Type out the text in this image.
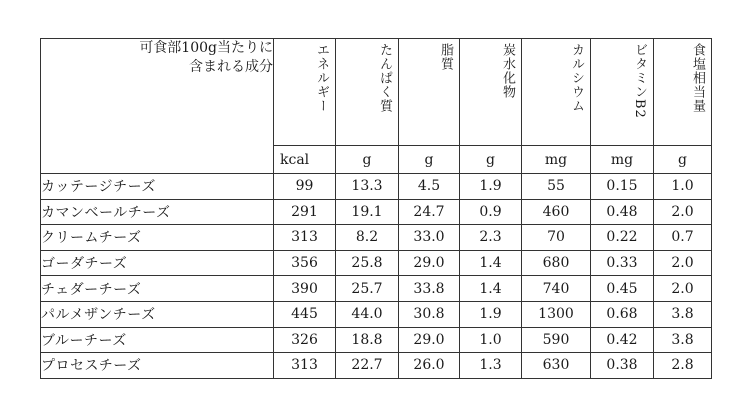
可食部100g当たりに
含まれる成分	エネルギー	たんぱく質	脂質	炭水化物	カルシウム	ビタミンB2	食塩相当量

	kcal	g	g	g	mg	mg	g
カッテージチーズ	99	13.3	4.5	1.9	55	0.15	1.0
カマンベールチーズ	291	19.1	24.7	0.9	460	0.48	2.0
クリームチーズ	313	8.2	33.0	2.3	70	0.22	0.7
ゴーダチーズ	356	25.8	29.0	1.4	680	0.33	2.0
チェダーチーズ	390	25.7	33.8	1.4	740	0.45	2.0
パルメザンチーズ	445	44.0	30.8	1.9	1300	0.68	3.8
ブルーチーズ	326	18.8	29.0	1.0	590	0.42	3.8
プロセスチーズ	313	22.7	26.0	1.3	630	0.38	2.8
